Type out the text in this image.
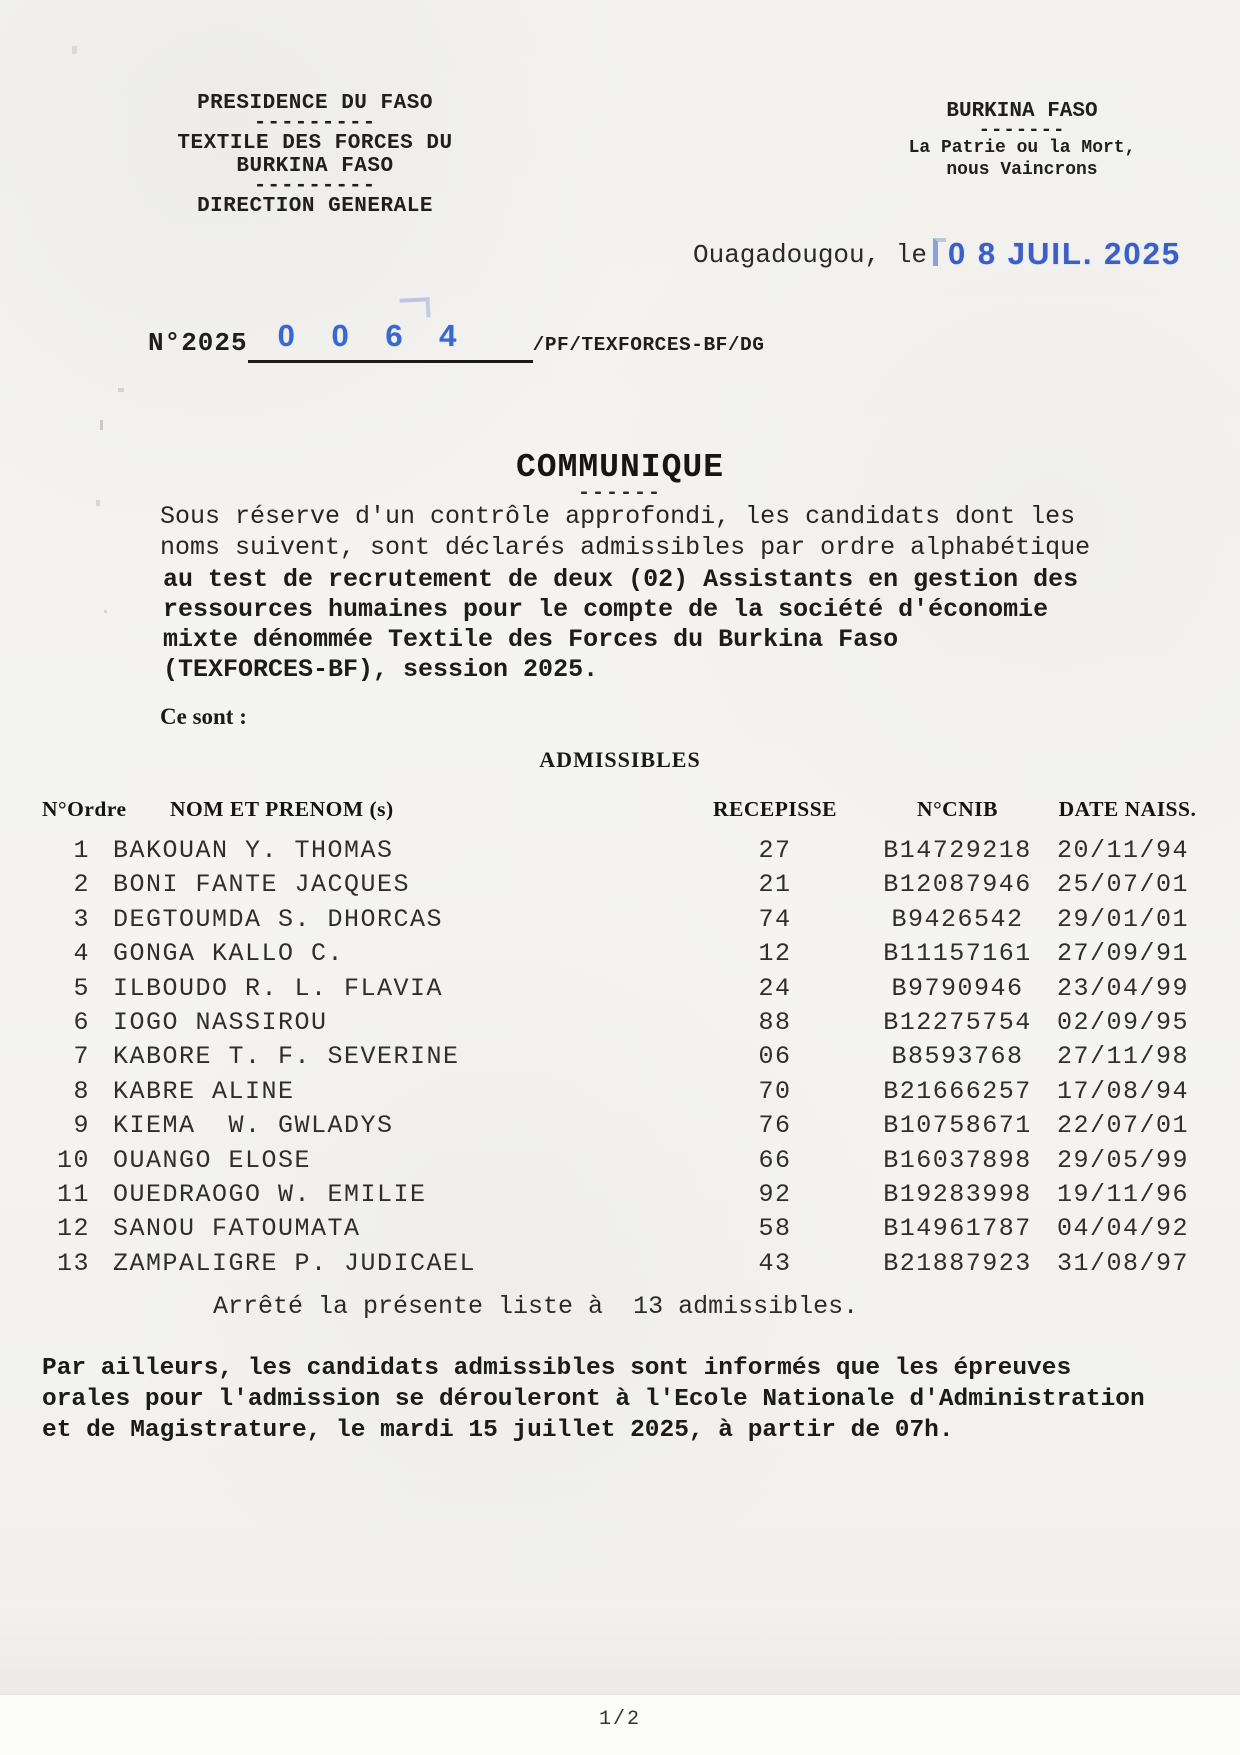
PRESIDENCE DU FASO
---------
TEXTILE DES FORCES DU
BURKINA FASO
---------
DIRECTION GENERALE
BURKINA FASO
-------
La Patrie ou la Mort,
nous Vaincrons
Ouagadougou, le 0 8 JUIL. 2025
N°2025 0 0 6 4	/PF/TEXFORCES-BF/DG
COMMUNIQUE
------
Sous réserve d'un contrôle approfondi, les candidats dont les
noms suivent, sont déclarés admissibles par ordre alphabétique
au test de recrutement de deux (02) Assistants en gestion des
ressources humaines pour le compte de la société d'économie
mixte dénommée Textile des Forces du Burkina Faso
(TEXFORCES-BF), session 2025.
Ce sont :
ADMISSIBLES
N°Ordre NOM ET PRENOM (s)	RECEPISSE	N°CNIB	DATE NAISS.
1 BAKOUAN Y. THOMAS	27	B14729218	20/11/94
2 BONI FANTE JACQUES	21	B12087946	25/07/01
3 DEGTOUMDA S. DHORCAS	74	B9426542	29/01/01
4 GONGA KALLO C.	12	B11157161	27/09/91
5 ILBOUDO R. L. FLAVIA	24	B9790946	23/04/99
6 IOGO NASSIROU	88	B12275754	02/09/95
7 KABORE T. F. SEVERINE	06	B8593768	27/11/98
8 KABRE ALINE	70	B21666257	17/08/94
9 KIEMA  W. GWLADYS	76	B10758671	22/07/01
10 OUANGO ELOSE	66	B16037898	29/05/99
11 OUEDRAOGO W. EMILIE	92	B19283998	19/11/96
12 SANOU FATOUMATA	58	B14961787	04/04/92
13 ZAMPALIGRE P. JUDICAEL	43	B21887923	31/08/97
Arrêté la présente liste à  13 admissibles.
Par ailleurs, les candidats admissibles sont informés que les épreuves
orales pour l'admission se dérouleront à l'Ecole Nationale d'Administration
et de Magistrature, le mardi 15 juillet 2025, à partir de 07h.
1/2
